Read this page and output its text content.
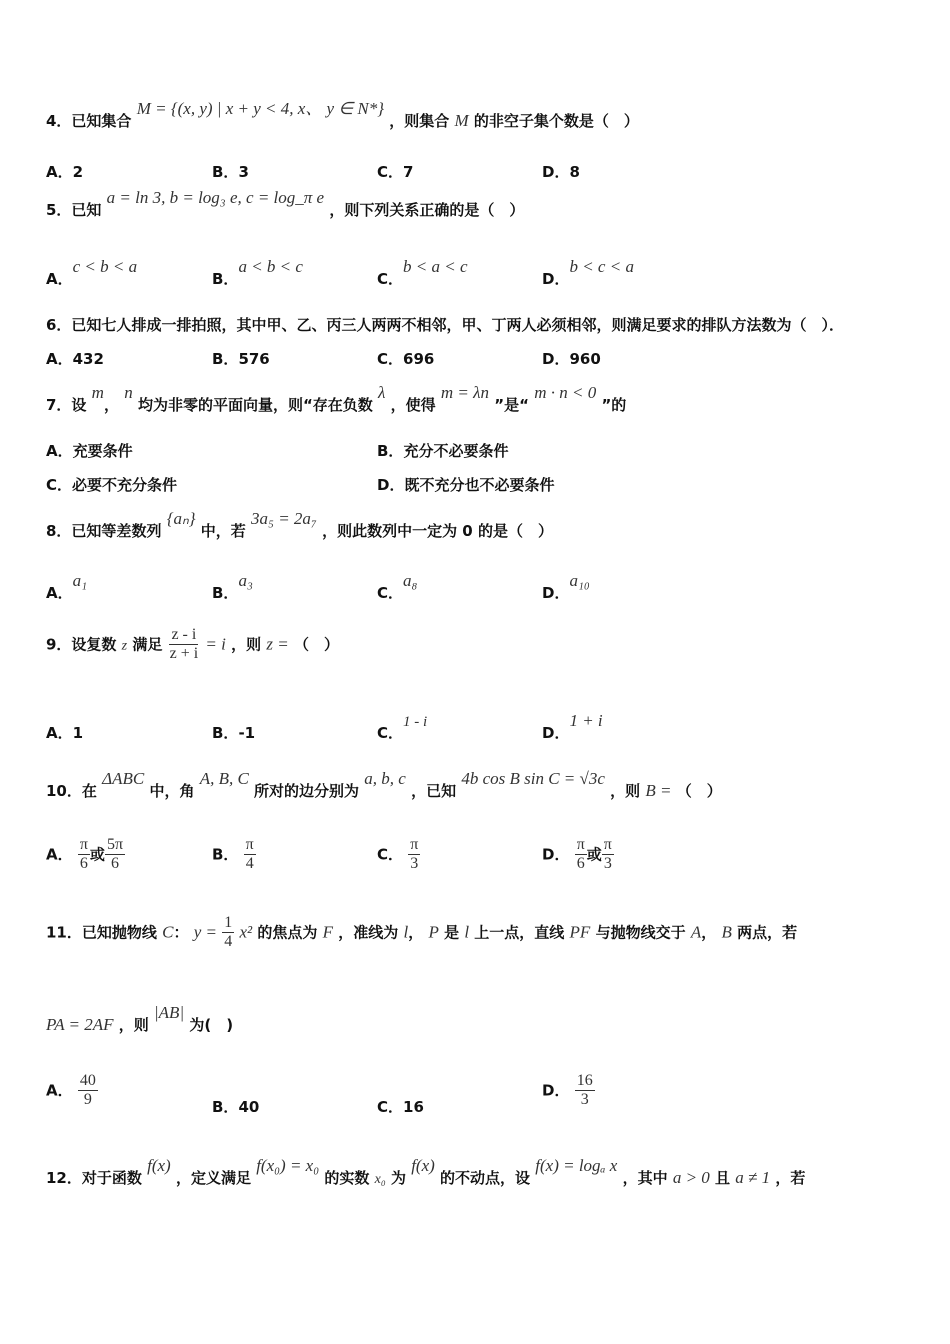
4．已知集合 M = {(x, y) | x + y < 4, x、 y ∈ N*} ，则集合 M 的非空子集个数是（　）
A．2	B．3	C．7	D．8
5．已知 a = ln 3, b = log₃ e, c = log_π e ，则下列关系正确的是（　）
A．c < b < a
B．a < b < c
C．b < a < c
D．b < c < a
6．已知七人排成一排拍照，其中甲、乙、丙三人两两不相邻，甲、丁两人必须相邻，则满足要求的排队方法数为（　）．
A．432	B．576	C．696	D．960
7．设 m， n 均为非零的平面向量，则“存在负数 λ ，使得 m = λn ”是“ m · n < 0 ”的
A．充要条件	B．充分不必要条件
C．必要不充分条件	D．既不充分也不必要条件
8．已知等差数列 {aₙ} 中，若 3a₅ = 2a₇ ，则此数列中一定为 0 的是（　）
A．a₁
B．a₃
C．a₈
D．a₁₀
9．设复数 z 满足 $\frac{z - i}{z + i} = i$ ，则 z = （　）
A．1	B．-1	C．1 - i
D．1 + i
10．在 ΔABC 中，角 A, B, C 所对的边分别为 a, b, c ，已知 4b cos B sin C = √3c ，则 B = （　）
A． $\frac{\pi}{6}$ 或 $\frac{5\pi}{6}$	B． $\frac{\pi}{4}$	C． $\frac{\pi}{3}$	D． $\frac{\pi}{6}$ 或 $\frac{\pi}{3}$
11．已知抛物线 C： $y = \frac{1}{4} x^2$ 的焦点为 F ，准线为 l， P 是 l 上一点，直线 PF 与抛物线交于 A， B 两点，若
PA = 2AF ，则 |AB| 为(　)
A． $\frac{40}{9}$	B．40	C．16
D． $\frac{16}{3}$
12．对于函数 f(x) ，定义满足 f(x₀) = x₀ 的实数 x₀ 为 f(x) 的不动点，设 f(x) = logₐ x ，其中 a > 0 且 a ≠ 1 ，若
